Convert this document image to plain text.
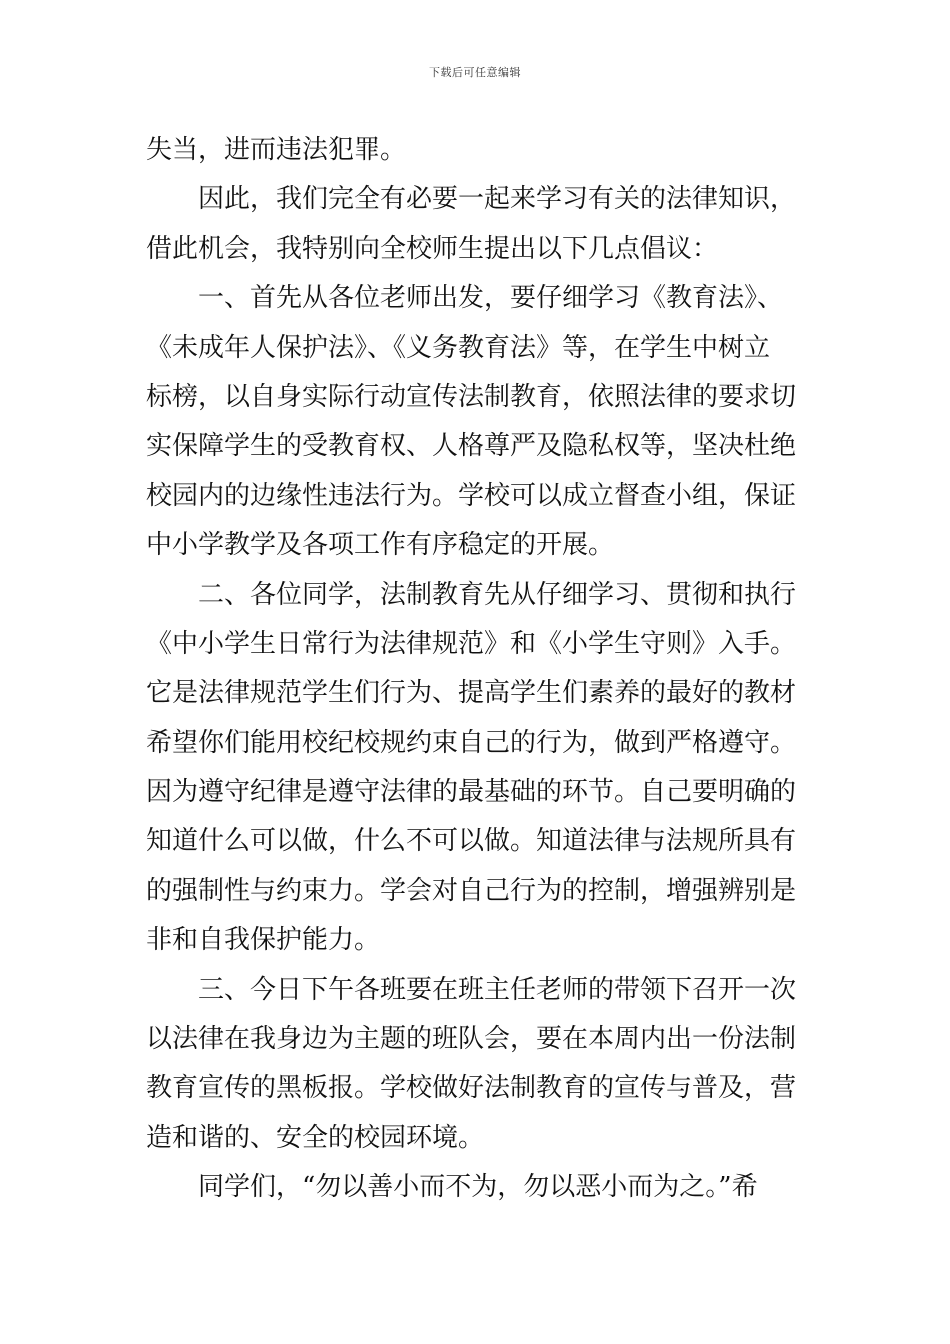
下载后可任意编辑
失当，进而违法犯罪。
因此，我们完全有必要一起来学习有关的法律知识，
借此机会，我特别向全校师生提出以下几点倡议：
一、首先从各位老师出发，要仔细学习《教育法》、
《未成年人保护法》、《义务教育法》等，在学生中树立
标榜，以自身实际行动宣传法制教育，依照法律的要求切
实保障学生的受教育权、人格尊严及隐私权等，坚决杜绝
校园内的边缘性违法行为。学校可以成立督查小组，保证
中小学教学及各项工作有序稳定的开展。
二、各位同学，法制教育先从仔细学习、贯彻和执行
《中小学生日常行为法律规范》和《小学生守则》入手。
它是法律规范学生们行为、提高学生们素养的最好的教材
希望你们能用校纪校规约束自己的行为，做到严格遵守。
因为遵守纪律是遵守法律的最基础的环节。自己要明确的
知道什么可以做，什么不可以做。知道法律与法规所具有
的强制性与约束力。学会对自己行为的控制，增强辨别是
非和自我保护能力。
三、今日下午各班要在班主任老师的带领下召开一次
以法律在我身边为主题的班队会，要在本周内出一份法制
教育宣传的黑板报。学校做好法制教育的宣传与普及，营
造和谐的、安全的校园环境。
同学们，“勿以善小而不为，勿以恶小而为之。”希
